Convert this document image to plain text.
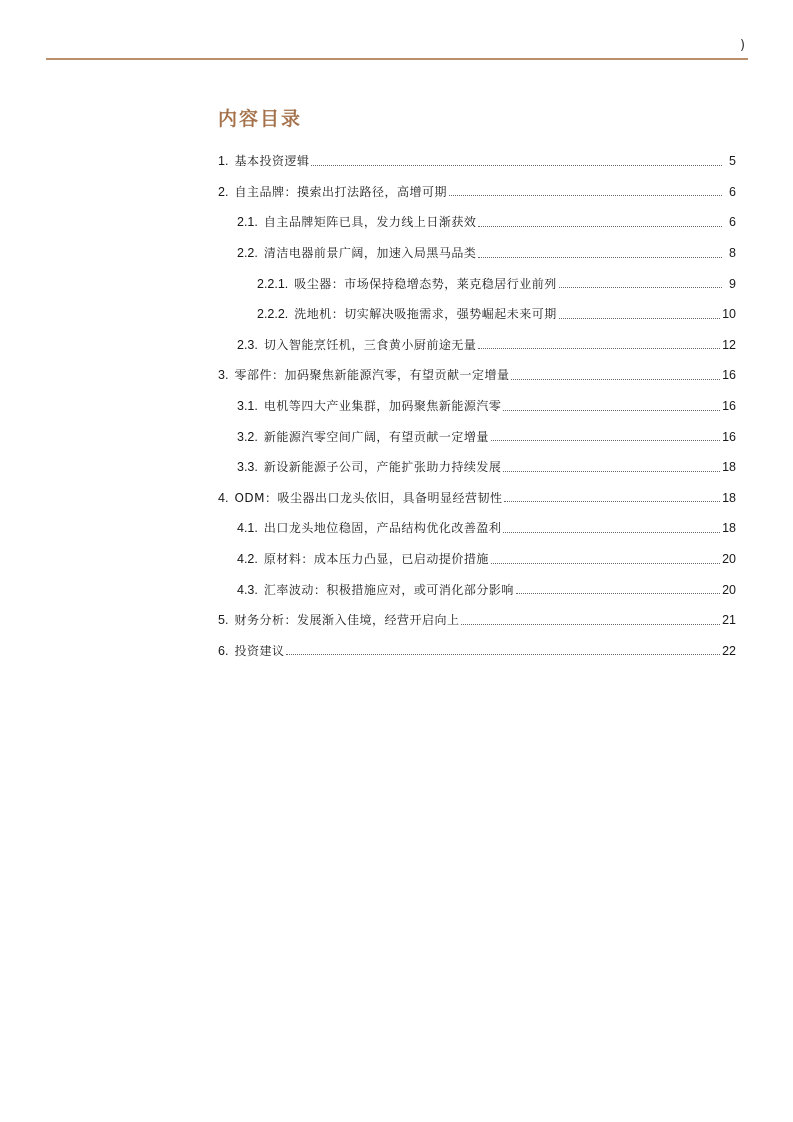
)
内容目录
1. 基本投资逻辑	5
2. 自主品牌：摸索出打法路径，高增可期	6
2.1. 自主品牌矩阵已具，发力线上日渐获效	6
2.2. 清洁电器前景广阔，加速入局黑马品类	8
2.2.1. 吸尘器：市场保持稳增态势，莱克稳居行业前列	9
2.2.2. 洗地机：切实解决吸拖需求，强势崛起未来可期	10
2.3. 切入智能烹饪机，三食黄小厨前途无量	12
3. 零部件：加码聚焦新能源汽零，有望贡献一定增量	16
3.1. 电机等四大产业集群，加码聚焦新能源汽零	16
3.2. 新能源汽零空间广阔，有望贡献一定增量	16
3.3. 新设新能源子公司，产能扩张助力持续发展	18
4. ODM：吸尘器出口龙头依旧，具备明显经营韧性	18
4.1. 出口龙头地位稳固，产品结构优化改善盈利	18
4.2. 原材料：成本压力凸显，已启动提价措施	20
4.3. 汇率波动：积极措施应对，或可消化部分影响	20
5. 财务分析：发展渐入佳境，经营开启向上	21
6. 投资建议	22
